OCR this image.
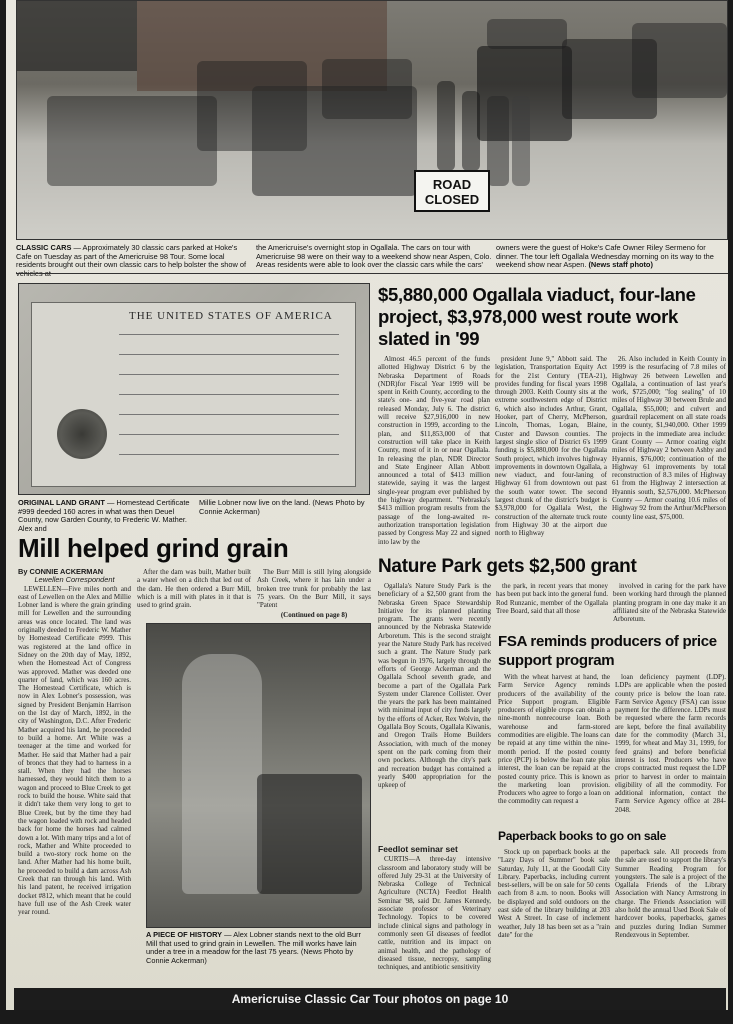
ROAD CLOSED
CLASSIC CARS — Approximately 30 classic cars parked at Hoke's Cafe on Tuesday as part of the Americruise 98 Tour. Some local residents brought out their own classic cars to help bolster the show of
the Americruise's overnight stop in Ogallala. The cars on tour with Americruise 98 were on their way to a weekend show near Aspen, Colo. Areas residents were able to look over the classic cars while the cars'
owners were the guest of Hoke's Cafe Owner Riley Sermeno for dinner. The tour left Ogallala Wednesday morning on its way to the weekend show near Aspen. (News staff photo)
THE UNITED STATES OF AMERICA
ORIGINAL LAND GRANT — Homestead Certificate #999 deeded 160 acres in what was then Deuel County, now Garden County, to Frederic W. Mather. Alex and
Millie Lobner now live on the land. (News Photo by Connie Ackerman)
$5,880,000 Ogallala viaduct, four-lane project, $3,978,000 west route work slated in '99

Almost 46.5 percent of the funds allotted Highway District 6 by the Nebraska Department of Roads (NDR)for Fiscal Year 1999 will be spent in Keith County, according to the state's one- and five-year road plan released Monday, July 6. The district will receive $27,916,000 in new construction in 1999, according to the plan, and $11,853,000 of that construction will take place in Keith County, most of it in or near Ogallala. In releasing the plan, NDR Director and State Engineer Allan Abbott announced a total of $413 million statewide, saying it was the largest single-year program ever published by the highway department. "Nebraska's $413 million program results from the passage of the long-awaited re-authorization transportation legislation passed by Congress May 22 and signed into law by the

president June 9," Abbott said. The legislation, Transportation Equity Act for the 21st Century (TEA-21), provides funding for fiscal years 1998 through 2003. Keith County sits at the extreme southwestern edge of District 6, which also includes Arthur, Grant, Hooker, part of Cherry, McPherson, Lincoln, Thomas, Logan, Blaine, Custer and Dawson counties. The largest single slice of District 6's 1999 funding is $5,880,000 for the Ogallala South project, which involves highway improvements in downtown Ogallala, a new viaduct, and four-laning of Highway 61 from downtown out past the south water tower. The second largest chunk of the district's budget is $3,978,000 for Ogallala West, the construction of the alternate truck route from Highway 30 at the airport due north to Highway

26. Also included in Keith County in 1999 is the resurfacing of 7.8 miles of Highway 26 between Lewellen and Ogallala, a continuation of last year's work, $725,000; "fog sealing" of 10 miles of Highway 30 between Brule and Ogallala, $55,000; and culvert and guardrail replacement on all state roads in the county, $1,940,000. Other 1999 projects in the immediate area include: Grant County — Armor coating eight miles of Highway 2 between Ashby and Hyannis, $76,000; continuation of the Highway 61 improvements by total reconstruction of 8.3 miles of Highway 61 from the Highway 2 intersection at Hyannis south, $2,576,000. McPherson County — Armor coating 10.6 miles of Highway 92 from the Arthur/McPherson county line east, $75,000.

Mill helped grind grain
By CONNIE ACKERMAN
Lewellen Correspondent

LEWELLEN—Five miles north and east of Lewellen on the Alex and Millie Lobner land is where the grain grinding mill for Lewellen and the surrounding areas was once located. The land was originally deeded to Frederic W. Mather by Homestead Certificate #999. This was registered at the land office in Sidney on the 20th day of May, 1892, when the Homestead Act of Congress was approved. Mather was deeded one quarter of land, which was 160 acres. The Homestead Certificate, which is now in Alex Lobner's possession, was signed by President Benjamin Harrison on the 1st day of March, 1892, in the city of Washington, D.C. After Frederic Mather acquired his land, he proceeded to build a home. Art White was a teenager at the time and worked for Mather. He said that Mather had a pair of broncs that they had to harness in a stall. When they had the horses harnessed, they would hitch them to a wagon and proceed to Blue Creek to get rock to build the house. White said that it didn't take them very long to get to Blue Creek, but by the time they had the wagon loaded with rock and headed back for home the horses had calmed down a lot. With many trips and a lot of rock, Mather and White proceeded to build a two-story rock home on the land. After Mather had his home built, he proceeded to build a dam across Ash Creek that ran through his land. With his land patent, he received irrigation docket #812, which meant that he could have full use of the Ash Creek water year round.

After the dam was built, Mather built a water wheel on a ditch that led out of the dam. He then ordered a Burr Mill, which is a mill with plates in it that is used to grind grain.

The Burr Mill is still lying alongside Ash Creek, where it has lain under a broken tree trunk for probably the last 75 years. On the Burr Mill, it says "Patent

(Continued on page 8)
A PIECE OF HISTORY — Alex Lobner stands next to the old Burr Mill that used to grind grain in Lewellen. The mill works have lain under a tree in a meadow for the last 75 years. (News Photo by Connie Ackerman)
Nature Park gets $2,500 grant

Ogallala's Nature Study Park is the beneficiary of a $2,500 grant from the Nebraska Green Space Stewardship Initiative for its planned planting program. The grants were recently announced by the Nebraska Statewide Arboretum. This is the second straight year the Nature Study Park has received such a grant. The Nature Study park was begun in 1976, largely through the efforts of George Ackerman and the Ogallala School seventh grade, and become a part of the Ogallala Park System under Clarence Collister. Over the years the park has been maintained with minimal input of city funds largely by the efforts of Acker, Rex Wolvin, the Ogallala Boy Scouts, Ogallala Kiwanis, and Oregon Trails Home Builders Association, with much of the money spent on the park coming from their own pockets. Although the city's park and recreation budget has contained a yearly $400 appropriation for the upkeep of

the park, in recent years that money has been put back into the general fund. Rod Runzanic, member of the Ogallala Tree Board, said that all those

involved in caring for the park have been working hard through the planned planting program in one day make it an affiliated site of the Nebraska Statewide Arboretum.

Feedlot seminar set

CURTIS—A three-day intensive classroom and laboratory study will be offered July 29-31 at the University of Nebraska College of Technical Agriculture (NCTA) Feedlot Health Seminar '98, said Dr. James Kennedy, associate professor of Veterinary Technology. Topics to be covered include clinical signs and pathology in commonly seen GI diseases of feedlot cattle, nutrition and its impact on animal health, and the pathology of diseased tissue, necropsy, sampling techniques, and antibiotic sensitivity

FSA reminds producers of price support program

With the wheat harvest at hand, the Farm Service Agency reminds producers of the availability of the Price Support program. Eligible producers of eligible crops can obtain a nine-month nonrecourse loan. Both warehouse and farm-stored commodities are eligible. The loans can be repaid at any time within the nine-month period. If the posted county price (PCP) is below the loan rate plus interest, the loan can be repaid at the posted county price. This is known as the marketing loan provision. Producers who agree to forgo a loan on the commodity can request a

loan deficiency payment (LDP). LDPs are applicable when the posted county price is below the loan rate. Farm Service Agency (FSA) can issue payment for the difference. LDPs must be requested where the farm records are kept, before the final availability date for the commodity (March 31, 1999, for wheat and May 31, 1999, for feed grains) and before beneficial interest is lost. Producers who have crops contracted must request the LDP prior to harvest in order to maintain eligibility of all the commodity. For additional information, contact the Farm Service Agency office at 284-2048.

Paperback books to go on sale

Stock up on paperback books at the "Lazy Days of Summer" book sale Saturday, July 11, at the Goodall City Library. Paperbacks, including current best-sellers, will be on sale for 50 cents each from 8 a.m. to noon. Books will be displayed and sold outdoors on the east side of the library building at 203 West A Street. In case of inclement weather, July 18 has been set as a "rain date" for the

paperback sale. All proceeds from the sale are used to support the library's Summer Reading Program for youngsters. The sale is a project of the Ogallala Friends of the Library Association with Nancy Armstrong in charge. The Friends Association will also hold the annual Used Book Sale of hardcover books, paperbacks, games and puzzles during Indian Summer Rendezvous in September.

Americruise Classic Car Tour photos on page 10
